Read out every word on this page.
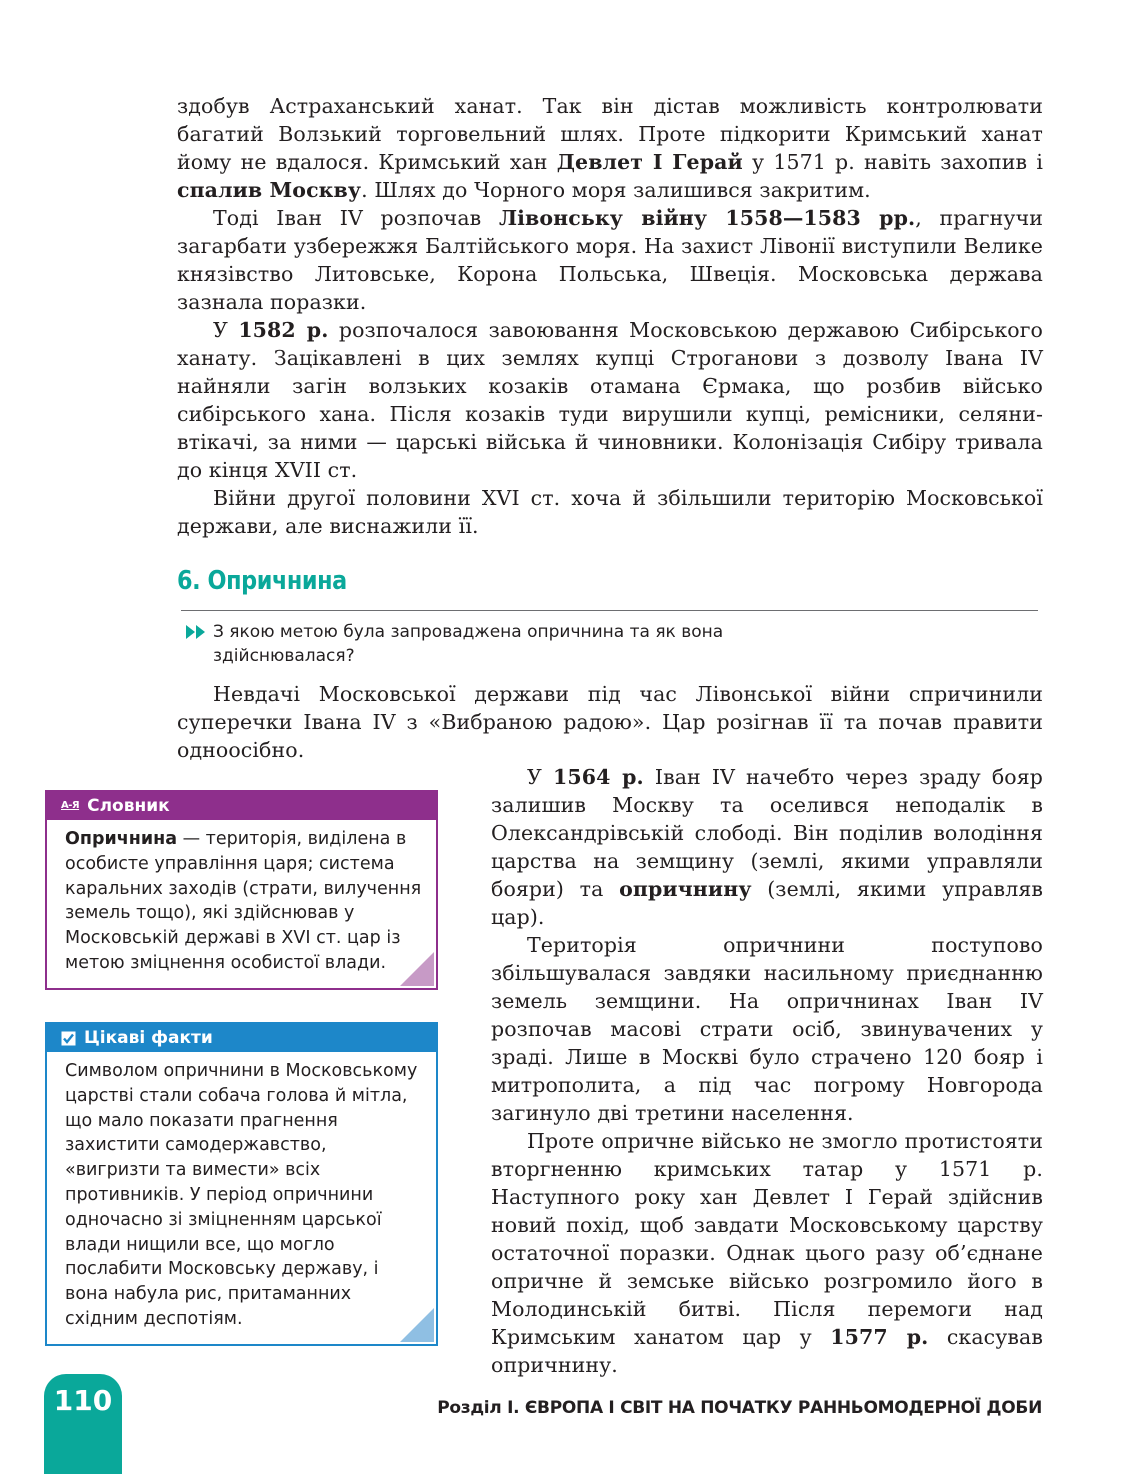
здобув Астраханський ханат. Так він дістав можливість контролювати багатий Волзький торговельний шлях. Проте підкорити Кримський ханат йому не вдалося. Кримський хан Девлет І Герай у 1571 р. навіть захопив і спалив Москву. Шлях до Чорного моря залишився закритим.

Тоді Іван IV розпочав Лівонську війну 1558—1583 рр., прагнучи загарбати узбережжя Балтійського моря. На захист Лівонії виступили Велике князівство Литовське, Корона Польська, Швеція. Московська держава зазнала поразки.

У 1582 р. розпочалося завоювання Московською державою Сибірського ханату. Зацікавлені в цих землях купці Строганови з дозволу Івана IV найняли загін волзьких козаків отамана Єрмака, що розбив військо сибірського хана. Після козаків туди вирушили купці, ремісники, селяни-втікачі, за ними — царські війська й чиновники. Колонізація Сибіру тривала до кінця XVII ст.

Війни другої половини XVI ст. хоча й збільшили територію Московської держави, але виснажили її.

6. Опричнина
З якою метою була запроваджена опричнина та як вона здійснювалася?

Невдачі Московської держави під час Лівонської війни спричинили суперечки Івана IV з «Вибраною радою». Цар розігнав її та почав правити одноосібно.

У 1564 р. Іван IV начебто через зраду бояр залишив Москву та оселився неподалік в Олександрівській слободі. Він поділив володіння царства на земщину (землі, якими управляли бояри) та опричнину (землі, якими управляв цар).

Територія опричнини поступово збільшувалася завдяки насильному приєднанню земель земщини. На опричнинах Іван IV розпочав масові страти осіб, звинувачених у зраді. Лише в Москві було страчено 120 бояр і митрополита, а під час погрому Новгорода загинуло дві третини населення.

Проте опричне військо не змогло протистояти вторгненню кримських татар у 1571 р. Наступного року хан Девлет І Герай здійснив новий похід, щоб завдати Московському царству остаточної поразки. Однак цього разу об’єднане опричне й земське військо розгромило його в Молодинській битві. Після перемоги над Кримським ханатом цар у 1577 р. скасував опричнину.

А-Я Словник
Опричнина — територія, виділена в особисте управління царя; система каральних заходів (страти, вилучення земель тощо), які здійснював у Московській державі в XVI ст. цар із метою зміцнення особистої влади.
Цікаві факти
Символом опричнини в Московському царстві стали собача голова й мітла, що мало показати прагнення захистити самодержавство, «вигризти та вимести» всіх противників. У період опричнини одночасно зі зміцненням царської влади нищили все, що могло послабити Московську державу, і вона набула рис, притаманних східним деспотіям.
110	Розділ І. ЄВРОПА І СВІТ НА ПОЧАТКУ РАННЬОМОДЕРНОЇ ДОБИ
